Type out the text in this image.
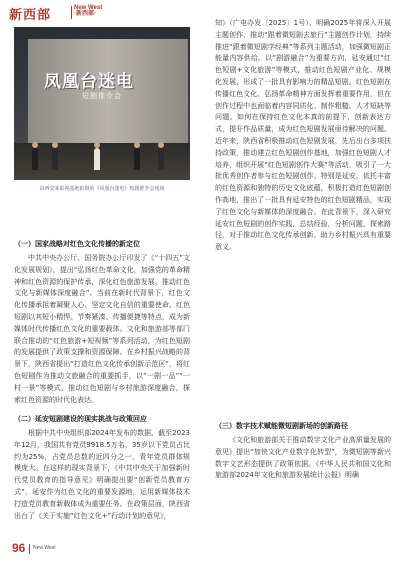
新西部	New West
·新西部·
凤凰台迷电
短剧推介会
由西安某影视基地拍摄的《凤凰台迷电》短剧推介会现场
（一）国家战略对红色文化传播的新定位
中共中央办公厅、国务院办公厅印发了《“十四五”文化发展规划》，提出“弘扬红色革命文化，加强党的革命精神和红色资源的保护传承，深化红色旅游发展，推动红色文化与新媒体深度融合”。当前在新时代背景下，红色文化传播承担着凝聚人心、坚定文化自信的重要使命。红色短剧以其短小精悍、节奏紧凑、传播便捷等特点，成为新媒体时代传播红色文化的重要载体。文化和旅游部等部门联合推动的“红色旅游+短视频”等系列活动，为红色短剧的发展提供了政策支撑和资源保障。在乡村振兴战略的背景下，陕西省提出“打造红色文化传承创新示范区”，将红色短剧作为推动文旅融合的重要抓手，以“一剧一品”“一村一景”等模式，推动红色短剧与乡村旅游深度融合，探索红色资源的时代化表达。
（二）延安短剧建设的现实挑战与政策回应
根据中共中央组织部2024年发布的数据，截至2023年12月，我国共有党员9918.5万名，35岁以下党员占比约为25%，占党员总数的近四分之一，青年党员群体规模庞大。在这样的现实背景下，《中共中央关于加强新时代党员教育的指导意见》明确提出要“创新党员教育方式”，延安作为红色文化的重要发源地，运用新媒体技术打造党员教育新载体成为重要任务。在政策层面，陕西省出台了《关于实施“红色文化+”行动计划的意见》，
知》（广电办发〔2025〕1号），明确2025年将深入开展主题创作，推动“跟着微短剧去旅行”主题创作计划，持续推进“跟着微短剧学经典”等系列主题活动，加强微短剧正能量内容供给。以“剧游融合”为重要方向，延安通过“红色短剧+文化旅游”等模式，推动红色短剧产业化、规模化发展，形成了一批具有影响力的精品短剧。红色短剧在传播红色文化、弘扬革命精神方面发挥着重要作用，但在创作过程中也面临着内容同质化、制作粗糙、人才短缺等问题。如何在保持红色文化本真的前提下，创新表达方式，提升作品质量，成为红色短剧发展亟待解决的问题。近年来，陕西省积极推动红色短剧发展，先后出台多项扶持政策，推动建立红色短剧创作基地，加强红色短剧人才培养，组织开展“红色短剧创作大赛”等活动，吸引了一大批优秀创作者参与红色短剧创作。特别是延安，依托丰富的红色资源和独特的历史文化底蕴，积极打造红色短剧创作高地，推出了一批具有延安特色的红色短剧精品，实现了红色文化与新媒体的深度融合。在此背景下，深入研究延安红色短剧的创作实践，总结经验，分析问题，探索路径，对于推动红色文化传承创新、助力乡村振兴具有重要意义。
（三）数字技术赋能微短剧新场的创新路径
《文化和旅游部关于推动数字文化产业高质量发展的意见》提出“加快文化产业数字化转型”，为微短剧等新兴数字文艺形态提供了政策依据。《中华人民共和国文化和旅游部2024年文化和旅游发展统计公报》明确
96 New West
